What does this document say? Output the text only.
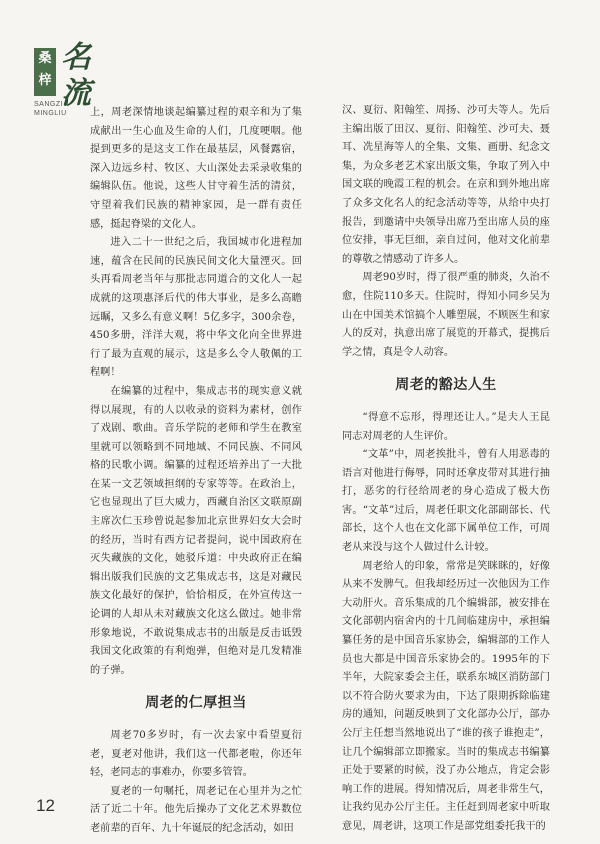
桑
梓
名
流
SANGZI
MINGLIU	上，周老深情地谈起编纂过程的艰辛和为了集成献出一生心血及生命的人们，几度哽咽。他提到更多的是这支工作在最基层，风餐露宿，深入边远乡村、牧区、大山深处去采录收集的编辑队伍。他说，这些人甘守着生活的清贫，守望着我们民族的精神家园，是一群有责任感，挺起脊梁的文化人。

进入二十一世纪之后，我国城市化进程加速，蕴含在民间的民族民间文化大量湮灭。回头再看周老当年与那批志同道合的文化人一起成就的这项惠泽后代的伟大事业，是多么高瞻远瞩，又多么有意义啊！5亿多字，300余卷，450多册，洋洋大观，将中华文化向全世界进行了最为直观的展示，这是多么令人敬佩的工程啊！

在编纂的过程中，集成志书的现实意义就得以展现，有的人以收录的资料为素材，创作了戏剧、歌曲。音乐学院的老师和学生在教室里就可以领略到不同地域、不同民族、不同风格的民歌小调。编纂的过程还培养出了一大批在某一文艺领域担纲的专家等等。在政治上，它也显现出了巨大威力，西藏自治区文联原副主席次仁玉珍曾说起参加北京世界妇女大会时的经历，当时有西方记者提问，说中国政府在灭失藏族的文化，她驳斥道：中央政府正在编辑出版我们民族的文艺集成志书，这是对藏民族文化最好的保护，恰恰相反，在外宣传这一论调的人却从未对藏族文化这么做过。她非常形象地说，不敢说集成志书的出版是反击诋毁我国文化政策的有利炮弹，但绝对是几发精准的子弹。

周老的仁厚担当

周老70多岁时，有一次去家中看望夏衍老，夏老对他讲，我们这一代都老啦，你还年轻，老同志的事难办，你要多管管。

夏老的一句嘱托，周老记在心里并为之忙活了近二十年。他先后操办了文化艺术界数位老前辈的百年、九十年诞辰的纪念活动，如田

汉、夏衍、阳翰笙、周扬、沙可夫等人。先后主编出版了田汉、夏衍、阳翰笙、沙可夫、聂耳、冼星海等人的全集、文集、画册、纪念文集，为众多老艺术家出版文集，争取了列入中国文联的晚霞工程的机会。在京和到外地出席了众多文化名人的纪念活动等等，从给中央打报告，到邀请中央领导出席乃至出席人员的座位安排，事无巨细，亲自过问，他对文化前辈的尊敬之情感动了许多人。

周老90岁时，得了很严重的肺炎，久治不愈，住院110多天。住院时，得知小同乡吴为山在中国美术馆搞个人雕塑展，不顾医生和家人的反对，执意出席了展览的开幕式，提携后学之情，真是令人动容。

周老的豁达人生

“得意不忘形，得理还让人。”是夫人王昆同志对周老的人生评价。

“文革”中，周老挨批斗，曾有人用恶毒的语言对他进行侮辱，同时还拿皮带对其进行抽打，恶劣的行径给周老的身心造成了极大伤害。“文革”过后，周老任职文化部副部长、代部长，这个人也在文化部下属单位工作，可周老从来没与这个人做过什么计较。

周老给人的印象，常常是笑眯眯的，好像从来不发脾气。但我却经历过一次他因为工作大动肝火。音乐集成的几个编辑部，被安排在文化部朝内宿舍内的十几间临建房中，承担编纂任务的是中国音乐家协会，编辑部的工作人员也大都是中国音乐家协会的。1995年的下半年，大院家委会主任，联系东城区消防部门以不符合防火要求为由，下达了限期拆除临建房的通知，问题反映到了文化部办公厅，部办公厅主任想当然地说出了“谁的孩子谁抱走”，让几个编辑部立即搬家。当时的集成志书编纂正处于要紧的时候，没了办公地点，肯定会影响工作的进展。得知情况后，周老非常生气，让我约见办公厅主任。主任赶到周老家中听取意见，周老讲，这项工作是部党组委托我干的

12
